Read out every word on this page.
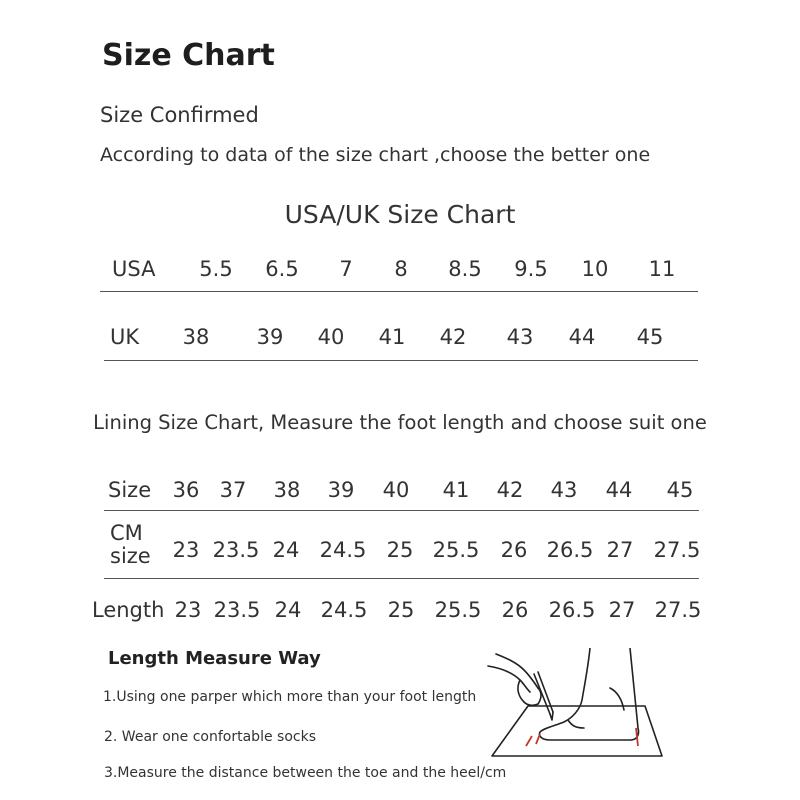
Size Chart
Size Confirmed
According to data of the size chart ,choose the better one
USA/UK Size Chart
USA 5.5 6.5 7 8 8.5 9.5 10 11
UK 38 39 40 41 42 43 44 45
Lining Size Chart, Measure the foot length and choose suit one
Size 36 37 38 39 40 41 42 43 44 45
CM
size 23 23.5 24 24.5 25 25.5 26 26.5 27 27.5
Length 23 23.5 24 24.5 25 25.5 26 26.5 27 27.5
Length Measure Way
1.Using one parper which more than your foot length
2. Wear one confortable socks
3.Measure the distance between the toe and the heel/cm
